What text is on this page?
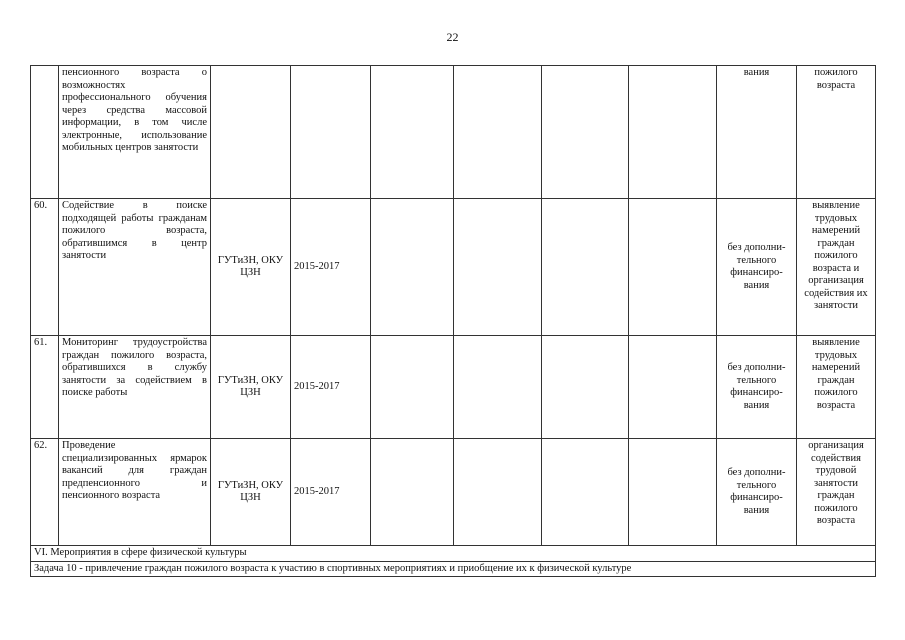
22
	пенсионного возраста о возможностях профессионального обучения через средства массовой информации, в том числе электронные, использование мобильных центров занятости							вания	пожилого возраста
60.	Содействие в поиске подходящей работы гражданам пожилого возраста, обратившимся в центр занятости	ГУТиЗН, ОКУ ЦЗН	2015-2017					без дополни-тельного финансиро-вания	выявление трудовых намерений граждан пожилого возраста и организация содействия их занятости
61.	Мониторинг трудоустройства граждан пожилого возраста, обратившихся в службу занятости за содействием в поиске работы	ГУТиЗН, ОКУ ЦЗН	2015-2017					без дополни-тельного финансиро-вания	выявление трудовых намерений граждан пожилого возраста
62.	Проведение специализированных ярмарок вакансий для граждан предпенсионного и пенсионного возраста	ГУТиЗН, ОКУ ЦЗН	2015-2017					без дополни-тельного финансиро-вания	организация содействия трудовой занятости граждан пожилого возраста
VI. Мероприятия в сфере физической культуры									
Задача 10 - привлечение граждан пожилого возраста к участию в спортивных мероприятиях и приобщение их к физической культуре									
